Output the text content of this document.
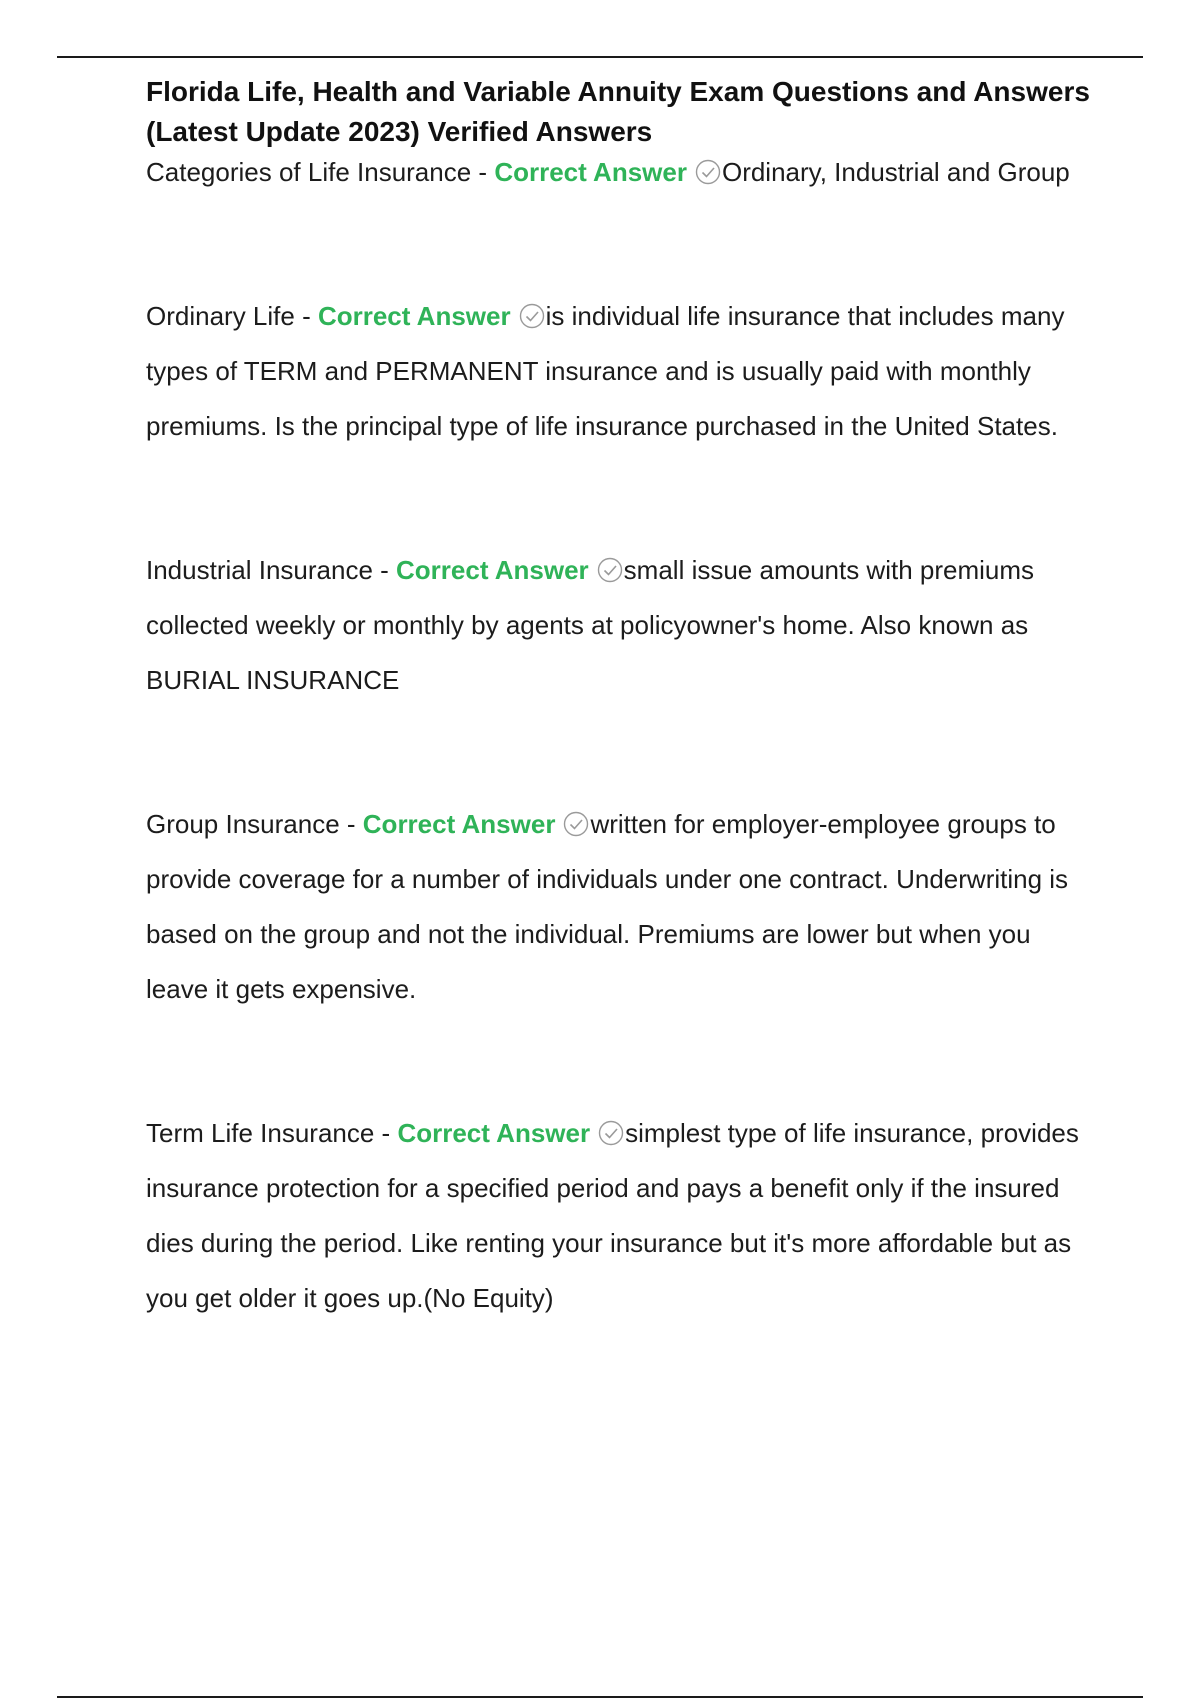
Florida Life, Health and Variable Annuity Exam Questions and Answers (Latest Update 2023) Verified Answers

Categories of Life Insurance - Correct Answer Ordinary, Industrial and Group

Ordinary Life - Correct Answer is individual life insurance that includes many types of TERM and PERMANENT insurance and is usually paid with monthly premiums. Is the principal type of life insurance purchased in the United States.

Industrial Insurance - Correct Answer small issue amounts with premiums collected weekly or monthly by agents at policyowner's home. Also known as BURIAL INSURANCE

Group Insurance - Correct Answer written for employer-employee groups to provide coverage for a number of individuals under one contract. Underwriting is based on the group and not the individual. Premiums are lower but when you leave it gets expensive.

Term Life Insurance - Correct Answer simplest type of life insurance, provides insurance protection for a specified period and pays a benefit only if the insured dies during the period. Like renting your insurance but it's more affordable but as you get older it goes up.(No Equity)
